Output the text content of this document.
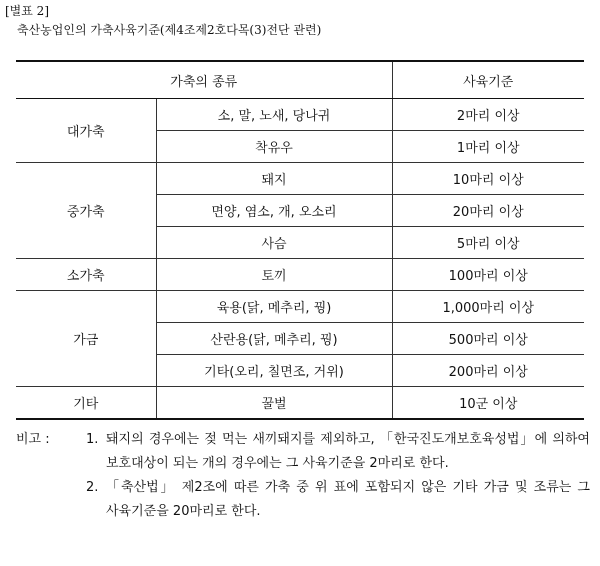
[별표 2]
축산농업인의 가축사육기준(제4조제2호다목(3)전단 관련)
가축의 종류		사육기준
대가축	소, 말, 노새, 당나귀	2마리 이상
	착유우	1마리 이상
중가축	돼지	10마리 이상
	면양, 염소, 개, 오소리	20마리 이상
	사슴	5마리 이상
소가축	토끼	100마리 이상
가금	육용(닭, 메추리, 꿩)	1,000마리 이상
	산란용(닭, 메추리, 꿩)	500마리 이상
	기타(오리, 칠면조, 거위)	200마리 이상
기타	꿀벌	10군 이상
비고 :	1. 돼지의 경우에는 젖 먹는 새끼돼지를 제외하고, 「한국진도개보호육성법」에 의하여 보호대상이 되는 개의 경우에는 그 사육기준을 2마리로 한다.
2. 「축산법」 제2조에 따른 가축 중 위 표에 포함되지 않은 기타 가금 및 조류는 그 사육기준을 20마리로 한다.
